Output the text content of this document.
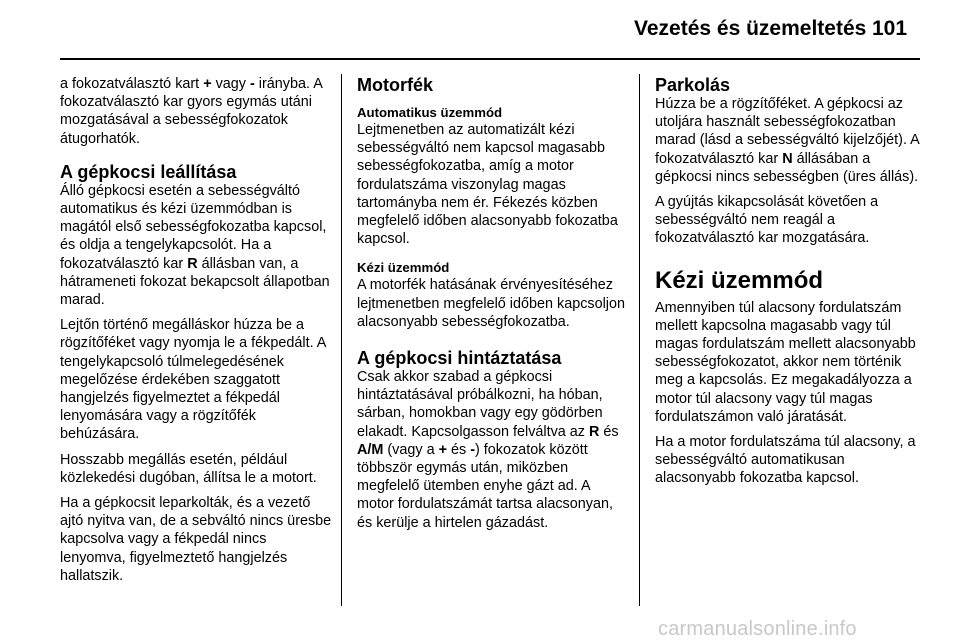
Vezetés és üzemeltetés 101

a fokozatválasztó kart + vagy - irányba. A fokozatválasztó kar gyors egymás utáni mozgatásával a sebességfokozatok átugorhatók.

A gépkocsi leállítása

Álló gépkocsi esetén a sebességváltó automatikus és kézi üzemmódban is magától első sebességfokozatba kapcsol, és oldja a tengelykapcsolót. Ha a fokozatválasztó kar R állásban van, a hátrameneti fokozat bekapcsolt állapotban marad.

Lejtőn történő megálláskor húzza be a rögzítőféket vagy nyomja le a fékpedált. A tengelykapcsoló túlmelegedésének megelőzése érdekében szaggatott hangjelzés figyelmeztet a fékpedál lenyomására vagy a rögzítőfék behúzására.

Hosszabb megállás esetén, például közlekedési dugóban, állítsa le a motort.

Ha a gépkocsit leparkolták, és a vezető ajtó nyitva van, de a sebváltó nincs üresbe kapcsolva vagy a fékpedál nincs lenyomva, figyelmeztető hangjelzés hallatszik.

Motorfék
Automatikus üzemmód

Lejtmenetben az automatizált kézi sebességváltó nem kapcsol magasabb sebességfokozatba, amíg a motor fordulatszáma viszonylag magas tartományba nem ér. Fékezés közben megfelelő időben alacsonyabb fokozatba kapcsol.

Kézi üzemmód

A motorfék hatásának érvényesítéséhez lejtmenetben megfelelő időben kapcsoljon alacsonyabb sebességfokozatba.

A gépkocsi hintáztatása

Csak akkor szabad a gépkocsi hintáztatásával próbálkozni, ha hóban, sárban, homokban vagy egy gödörben elakadt. Kapcsolgasson felváltva az R és A/M (vagy a + és -) fokozatok között többször egymás után, miközben megfelelő ütemben enyhe gázt ad. A motor fordulatszámát tartsa alacsonyan, és kerülje a hirtelen gázadást.

Parkolás

Húzza be a rögzítőféket. A gépkocsi az utoljára használt sebességfokozatban marad (lásd a sebességváltó kijelzőjét). A fokozatválasztó kar N állásában a gépkocsi nincs sebességben (üres állás).

A gyújtás kikapcsolását követően a sebességváltó nem reagál a fokozatválasztó kar mozgatására.

Kézi üzemmód

Amennyiben túl alacsony fordulatszám mellett kapcsolna magasabb vagy túl magas fordulatszám mellett alacsonyabb sebességfokozatot, akkor nem történik meg a kapcsolás. Ez megakadályozza a motor túl alacsony vagy túl magas fordulatszámon való járatását.

Ha a motor fordulatszáma túl alacsony, a sebességváltó automatikusan alacsonyabb fokozatba kapcsol.

carmanualsonline.info
